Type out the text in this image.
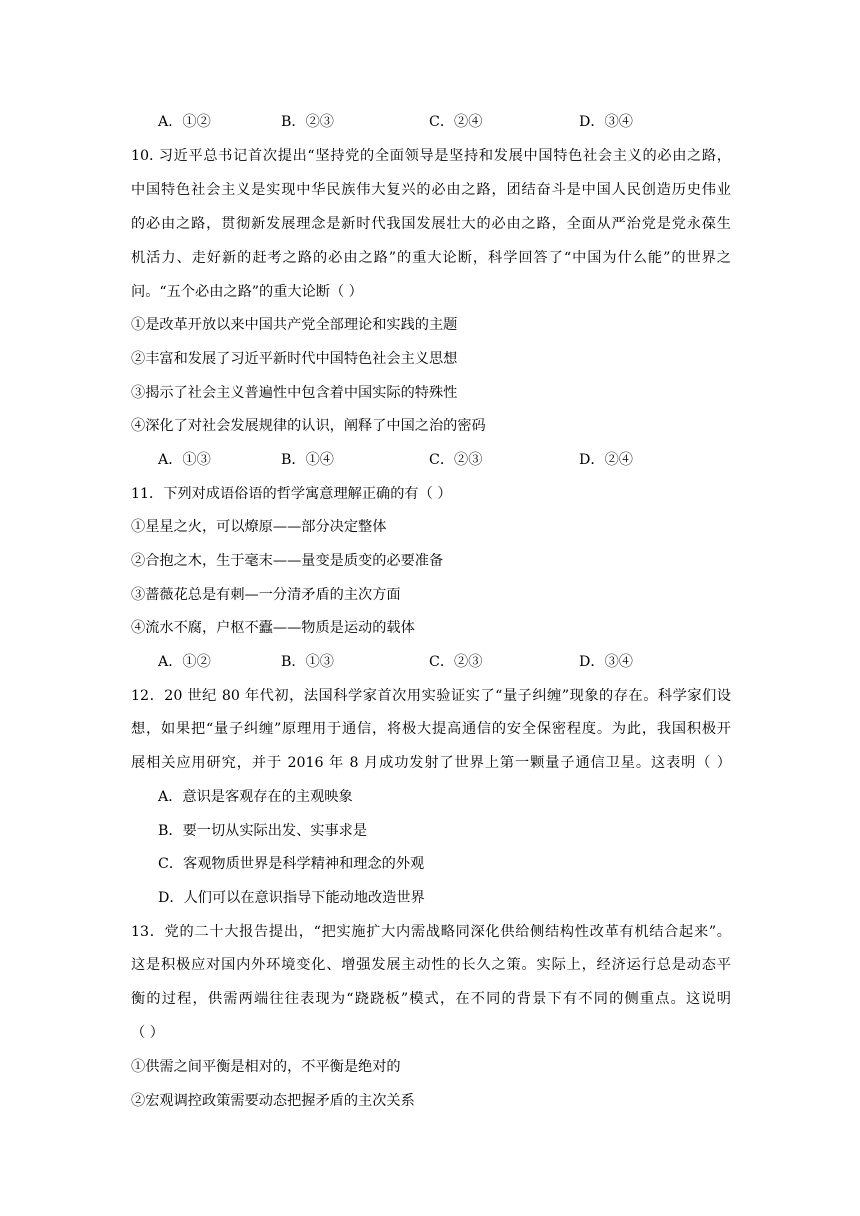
A．①②	B．②③	C．②④	D．③④
10. 习近平总书记首次提出“坚持党的全面领导是坚持和发展中国特色社会主义的必由之路，
中国特色社会主义是实现中华民族伟大复兴的必由之路，团结奋斗是中国人民创造历史伟业
的必由之路，贯彻新发展理念是新时代我国发展壮大的必由之路，全面从严治党是党永葆生
机活力、走好新的赶考之路的必由之路”的重大论断，科学回答了“中国为什么能”的世界之
问。“五个必由之路”的重大论断（ ）
①是改革开放以来中国共产党全部理论和实践的主题
②丰富和发展了习近平新时代中国特色社会主义思想
③揭示了社会主义普遍性中包含着中国实际的特殊性
④深化了对社会发展规律的认识，阐释了中国之治的密码
A．①③	B．①④	C．②③	D．②④
11．下列对成语俗语的哲学寓意理解正确的有（ ）
①星星之火，可以燎原——部分决定整体
②合抱之木，生于毫末——量变是质变的必要准备
③蔷薇花总是有刺—一分清矛盾的主次方面
④流水不腐，户枢不蠹——物质是运动的载体
A．①②	B．①③	C．②③	D．③④
12．20 世纪 80 年代初，法国科学家首次用实验证实了“量子纠缠”现象的存在。科学家们设
想，如果把“量子纠缠”原理用于通信，将极大提高通信的安全保密程度。为此，我国积极开
展相关应用研究，并于 2016 年 8 月成功发射了世界上第一颗量子通信卫星。这表明（ ）
A．意识是客观存在的主观映象
B．要一切从实际出发、实事求是
C．客观物质世界是科学精神和理念的外观
D．人们可以在意识指导下能动地改造世界
13．党的二十大报告提出，“把实施扩大内需战略同深化供给侧结构性改革有机结合起来”。
这是积极应对国内外环境变化、增强发展主动性的长久之策。实际上，经济运行总是动态平
衡的过程，供需两端往往表现为“跷跷板”模式，在不同的背景下有不同的侧重点。这说明
（ ）
①供需之间平衡是相对的，不平衡是绝对的
②宏观调控政策需要动态把握矛盾的主次关系
